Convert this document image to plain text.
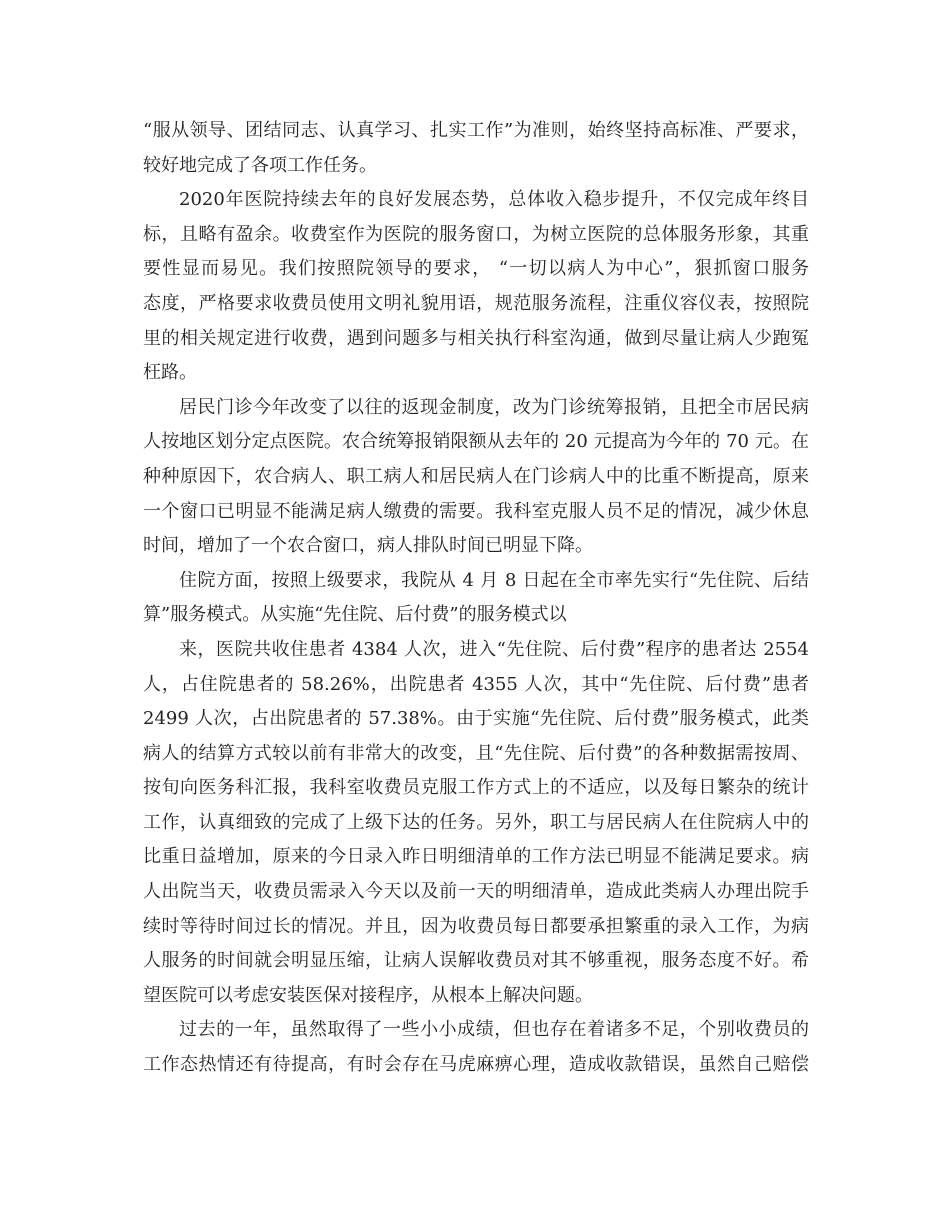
“服从领导、团结同志、认真学习、扎实工作”为准则，始终坚持高标准、严要求，
较好地完成了各项工作任务。
2020年医院持续去年的良好发展态势，总体收入稳步提升，不仅完成年终目
标，且略有盈余。收费室作为医院的服务窗口，为树立医院的总体服务形象，其重
要性显而易见。我们按照院领导的要求， “一切以病人为中心”，狠抓窗口服务
态度，严格要求收费员使用文明礼貌用语，规范服务流程，注重仪容仪表，按照院
里的相关规定进行收费，遇到问题多与相关执行科室沟通，做到尽量让病人少跑冤
枉路。
居民门诊今年改变了以往的返现金制度，改为门诊统筹报销，且把全市居民病
人按地区划分定点医院。农合统筹报销限额从去年的 20 元提高为今年的 70 元。在
种种原因下，农合病人、职工病人和居民病人在门诊病人中的比重不断提高，原来
一个窗口已明显不能满足病人缴费的需要。我科室克服人员不足的情况，减少休息
时间，增加了一个农合窗口，病人排队时间已明显下降。
住院方面，按照上级要求，我院从 4 月 8 日起在全市率先实行“先住院、后结
算”服务模式。从实施“先住院、后付费”的服务模式以
来，医院共收住患者 4384 人次，进入“先住院、后付费”程序的患者达 2554
人，占住院患者的 58.26%，出院患者 4355 人次，其中“先住院、后付费”患者
2499 人次，占出院患者的 57.38%。由于实施“先住院、后付费”服务模式，此类
病人的结算方式较以前有非常大的改变，且“先住院、后付费”的各种数据需按周、
按旬向医务科汇报，我科室收费员克服工作方式上的不适应，以及每日繁杂的统计
工作，认真细致的完成了上级下达的任务。另外，职工与居民病人在住院病人中的
比重日益增加，原来的今日录入昨日明细清单的工作方法已明显不能满足要求。病
人出院当天，收费员需录入今天以及前一天的明细清单，造成此类病人办理出院手
续时等待时间过长的情况。并且，因为收费员每日都要承担繁重的录入工作，为病
人服务的时间就会明显压缩，让病人误解收费员对其不够重视，服务态度不好。希
望医院可以考虑安装医保对接程序，从根本上解决问题。
过去的一年，虽然取得了一些小小成绩，但也存在着诸多不足，个别收费员的
工作态热情还有待提高，有时会存在马虎麻痹心理，造成收款错误，虽然自己赔偿
